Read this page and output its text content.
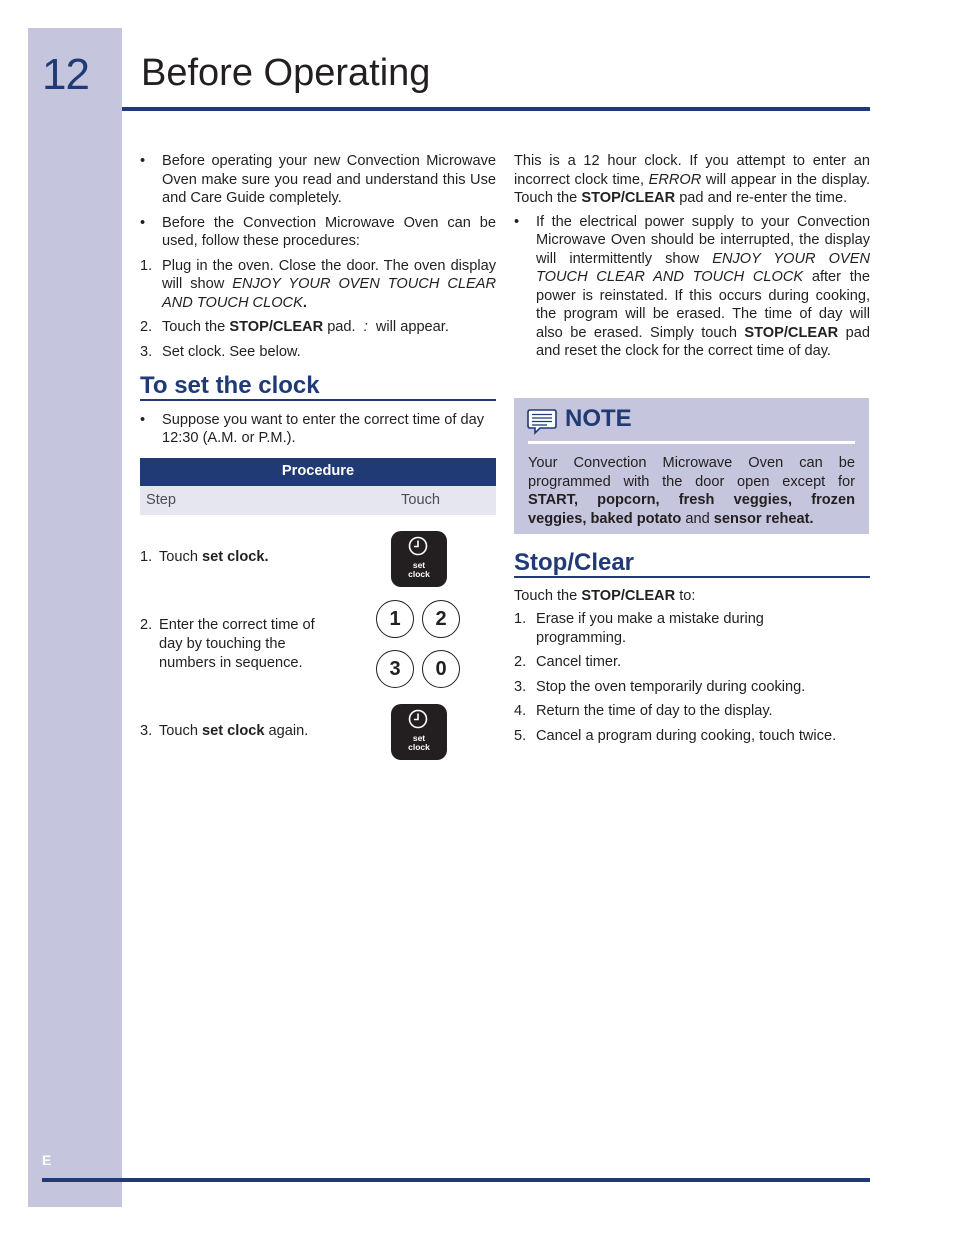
12 Before Operating
• Before operating your new Convection Microwave Oven make sure you read and understand this Use and Care Guide completely.
• Before the Convection Microwave Oven can be used, follow these procedures:
1. Plug in the oven. Close the door. The oven display will show ENJOY YOUR OVEN TOUCH CLEAR AND TOUCH CLOCK.
2. Touch the STOP/CLEAR pad.  :  will appear.
3. Set clock. See below.
To set the clock
• Suppose you want to enter the correct time of day 12:30 (A.M. or P.M.).
Procedure
Step	Touch
1. Touch set clock.	set
clock
2. Enter the correct time of day by touching the numbers in sequence.
1	2
3	0
3. Touch set clock again.	set
clock

This is a 12 hour clock. If you attempt to enter an incorrect clock time, ERROR will appear in the display. Touch the STOP/CLEAR pad and re-enter the time.

• If the electrical power supply to your Convection Microwave Oven should be interrupted, the display will intermittently show ENJOY YOUR OVEN TOUCH CLEAR AND TOUCH CLOCK after the power is reinstated. If this occurs during cooking, the program will be erased. The time of day will also be erased. Simply touch STOP/CLEAR pad and reset the clock for the correct time of day.
NOTE
Your Convection Microwave Oven can be programmed with the door open except for START, popcorn, fresh veggies, frozen veggies, baked potato and sensor reheat.
Stop/Clear

Touch the STOP/CLEAR to:

1. Erase if you make a mistake during programming.
2. Cancel timer.
3. Stop the oven temporarily during cooking.
4. Return the time of day to the display.
5. Cancel a program during cooking, touch twice.
E
